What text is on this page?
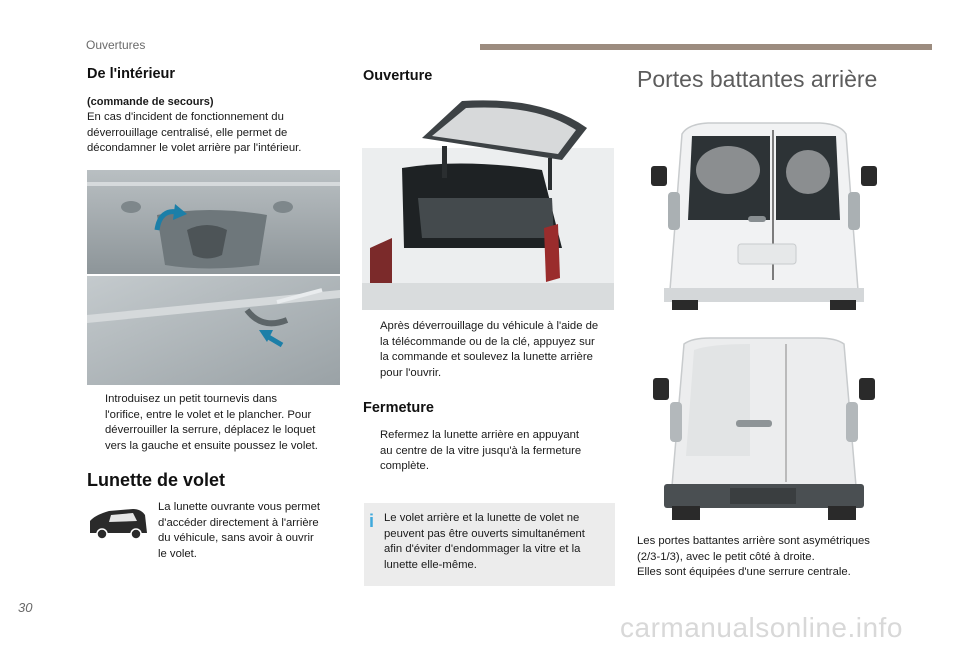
Ouvertures
De l'intérieur
(commande de secours)
En cas d'incident de fonctionnement du
déverrouillage centralisé, elle permet de
décondamner le volet arrière par l'intérieur.
Introduisez un petit tournevis dans
l'orifice, entre le volet et le plancher. Pour
déverrouiller la serrure, déplacez le loquet
vers la gauche et ensuite poussez le volet.
Lunette de volet
La lunette ouvrante vous permet
d'accéder directement à l'arrière
du véhicule, sans avoir à ouvrir
le volet.
Ouverture
Après déverrouillage du véhicule à l'aide de
la télécommande ou de la clé, appuyez sur
la commande et soulevez la lunette arrière
pour l'ouvrir.
Fermeture
Refermez la lunette arrière en appuyant
au centre de la vitre jusqu'à la fermeture
complète.
i Le volet arrière et la lunette de volet ne
peuvent pas être ouverts simultanément
afin d'éviter d'endommager la vitre et la
lunette elle-même.
Portes battantes arrière
Les portes battantes arrière sont asymétriques
(2/3-1/3), avec le petit côté à droite.
Elles sont équipées d'une serrure centrale.
30
carmanualsonline.info
